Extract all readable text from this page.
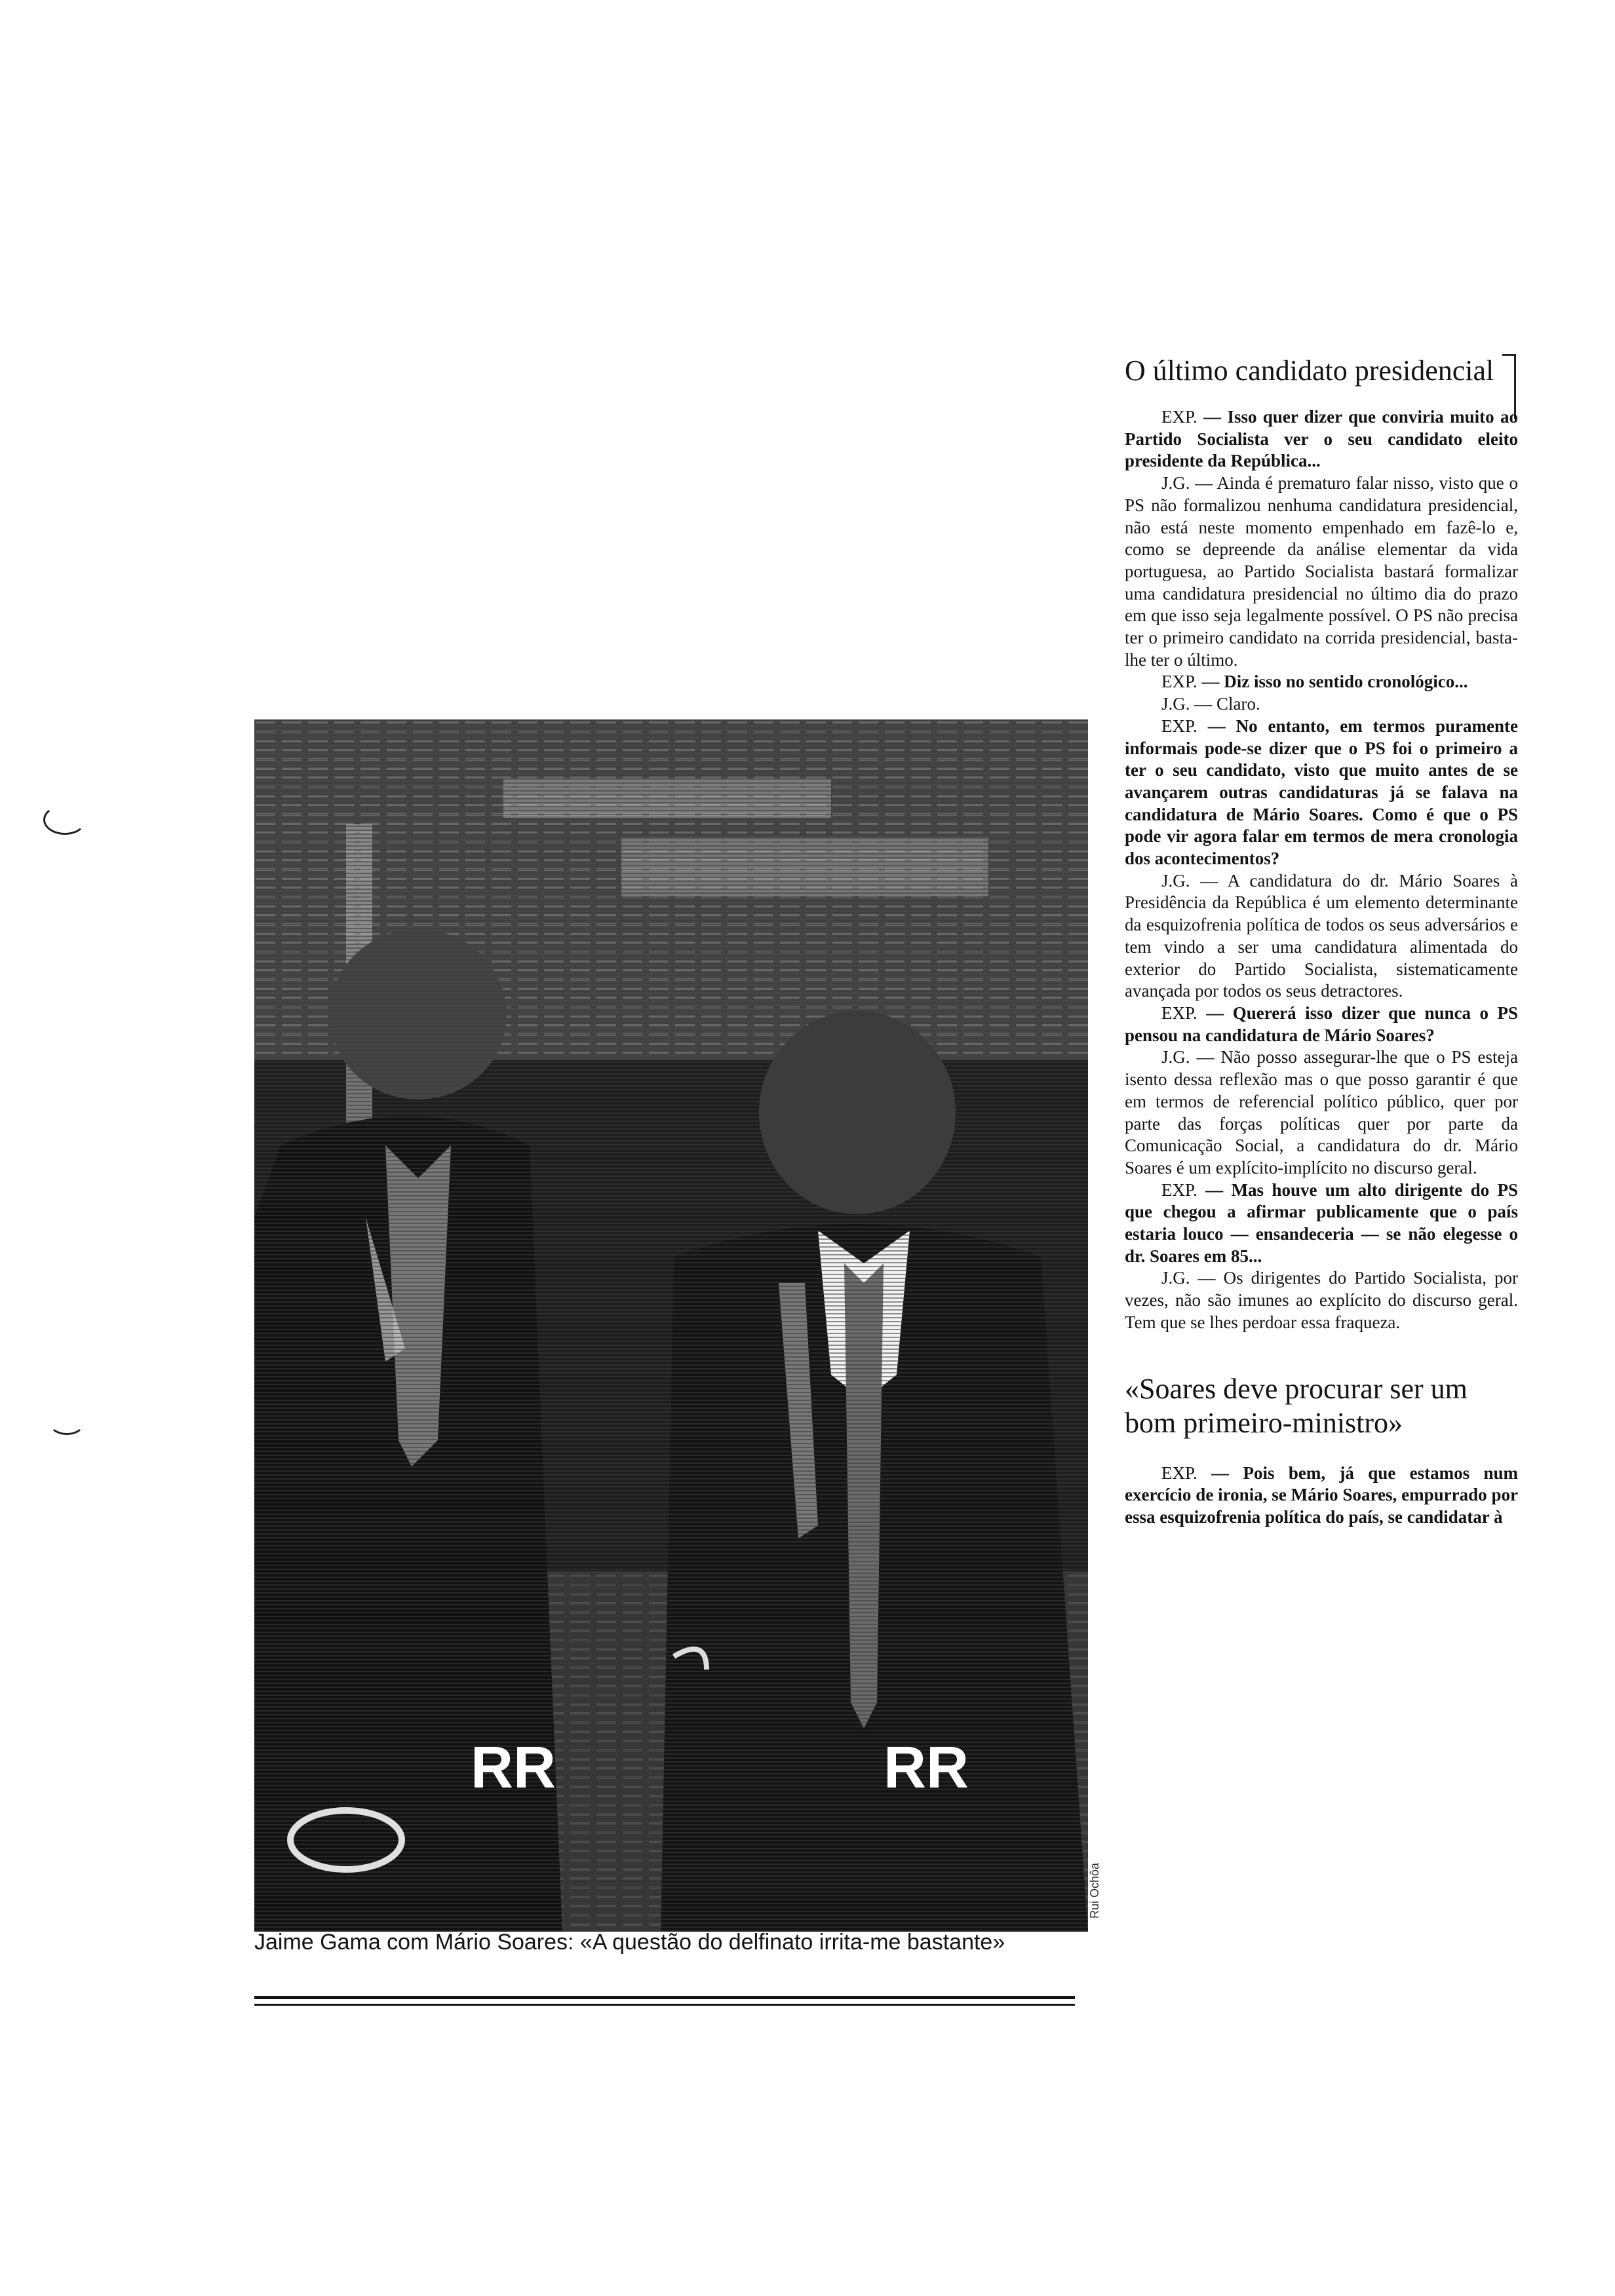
RR	RR
Rui Ochôa
Jaime Gama com Mário Soares: «A questão do delfinato irrita-me bastante»
O último candidato presidencial

EXP. — Isso quer dizer que conviria muito ao Partido Socialista ver o seu candidato eleito presidente da República...

J.G. — Ainda é prematuro falar nisso, visto que o PS não formalizou nenhuma candidatura presidencial, não está neste momento empenhado em fazê-lo e, como se depreende da análise elementar da vida portuguesa, ao Partido Socialista bastará formalizar uma candidatura presidencial no último dia do prazo em que isso seja legalmente possível. O PS não precisa ter o primeiro candidato na corrida presidencial, basta-lhe ter o último.

EXP. — Diz isso no sentido cronológico...

J.G. — Claro.

EXP. — No entanto, em termos puramente informais pode-se dizer que o PS foi o primeiro a ter o seu candidato, visto que muito antes de se avançarem outras candidaturas já se falava na candidatura de Mário Soares. Como é que o PS pode vir agora falar em termos de mera cronologia dos acontecimentos?

J.G. — A candidatura do dr. Mário Soares à Presidência da República é um elemento determinante da esquizofrenia política de todos os seus adversários e tem vindo a ser uma candidatura alimentada do exterior do Partido Socialista, sistematicamente avançada por todos os seus detractores.

EXP. — Quererá isso dizer que nunca o PS pensou na candidatura de Mário Soares?

J.G. — Não posso assegurar-lhe que o PS esteja isento dessa reflexão mas o que posso garantir é que em termos de referencial político público, quer por parte das forças políticas quer por parte da Comunicação Social, a candidatura do dr. Mário Soares é um explícito-implícito no discurso geral.

EXP. — Mas houve um alto dirigente do PS que chegou a afirmar publicamente que o país estaria louco — ensandeceria — se não elegesse o dr. Soares em 85...

J.G. — Os dirigentes do Partido Socialista, por vezes, não são imunes ao explícito do discurso geral. Tem que se lhes perdoar essa fraqueza.

«Soares deve procurar ser um bom primeiro-ministro»

EXP. — Pois bem, já que estamos num exercício de ironia, se Mário Soares, empurrado por essa esquizofrenia política do país, se candidatar à
